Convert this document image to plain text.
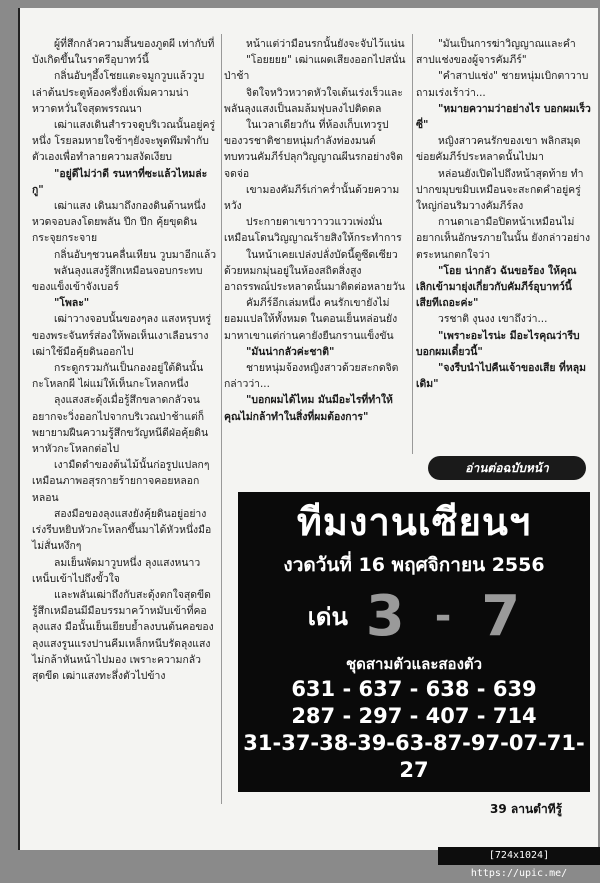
ผู้ที่สึกกลัวความสิ้นของภูตผี เท่ากับที่บังเกิดขึ้นในราตรีอุบาทว์นี้

กลิ่นอับๆอึ้งโชยแตะจมูกวูบแล้ววูบเล่าต้นประตูห้องครึ่งยิ่งเพิ่มความน่าหวาดหวั่นใจสุดพรรณนา

เฒ่าแสงเดินสำรวจดูบริเวณนั้นอยู่ครู่หนึ่ง โรยลมหายใจช้าๆยังจะพูดพึมพำกับตัวเองเพื่อทำลายความสงัดเงียบ

"อยู่ดีไม่ว่าดี รนหาที่ซะแล้วไหมล่ะกู"

เฒ่าแสง เดินมาถึงกองดินด้านหนึ่งหวดจอบลงโดยพลัน ปึก ปึก คุ้ยขุดดินกระจุยกระจาย

กลิ่นอับๆชวนคลื่นเหียน วูบมาอีกแล้ว

พลันลุงแสงรู้สึกเหมือนจอบกระทบของแข็งเข้าจังเบอร์

"โพละ"

เฒ่าวางจอบนั้นของๆลง แสงหรุบหรู่ของพระจันทร์ส่องให้พอเห็นเงาเลือนรางเฒ่าใช้มือคุ้ยดินออกไป

กระดูกรวมกันเป็นกองอยู่ใต้ดินนั้นกะโหลกผี ไผ่แม่ให้เห็นกะโหลกหนึ่ง

ลุงแสงสะดุ้งเมื่อรู้สึกขลาดกลัวจนอยากจะวิ่งออกไปจากบริเวณป่าช้าแต่ก็พยายามฝืนความรู้สึกขวัญหนีดีฝ่อคุ้ยดินหาหัวกะโหลกต่อไป

เงามืดดำของต้นไม้นั้นก่อรูปแปลกๆเหมือนภาพอสุรกายร้ายกาจคอยหลอกหลอน

สองมือของลุงแสงยังคุ้ยดินอยู่อย่างเร่งรีบหยิบหัวกะโหลกขึ้นมาได้หัวหนึ่งมือไม่สั่นหงึกๆ

ลมเย็นพัดมาวูบหนึ่ง ลุงแสงหนาวเหน็บเข้าไปถึงขั้วใจ

และพลันเฒ่าถึงกับสะดุ้งตกใจสุดขีดรู้สึกเหมือนมีมือบรรมาคว้าหมับเข้าที่คอลุงแสง มือนั้นเย็นเยียบย้ำลงบนต้นคอของลุงแสงรูนแรงปานคีมเหล็กหนีบรัดลุงแสงไม่กล้าหันหน้าไปมอง เพราะความกลัวสุดขีด เฒ่าแสงทะลึ่งตัวไปข้าง

หน้าแต่ว่ามือนรกนั้นยังจะจับไว้แน่น

"โอยยยย" เฒ่าแผดเสียงออกไปสนั่นป่าช้า

จิตใจหวิวหวาดหัวใจเต้นเร่งเร็วและพลันลุงแสงเป็นลมล้มฟุบลงไปติดดล

ในเวลาเดียวกัน ที่ห้องเก็บเทวรูปของวรชาติชายหนุ่มกำลังท่องมนต์ทบทวนคัมภีร์ปลุกวิญญาณผีนรกอย่างจิตจดจ่อ

เขามองคัมภีร์เก่าคร่ำนั้นด้วยความหวัง

ประกายตาเขาวาววแววเพ่งมั่นเหมือนโดนวิญญาณร้ายสิงให้กระทำการ

ในหน้าเคยเปล่งปลั่งบัดนี้ดูซีดเซียวด้วยหมกมุ่นอยู่ในห้องสถิตสิ่งสูงอาถรรพณ์ประหลาดนั้นมาติดต่อหลายวัน

คัมภีร์อีกเล่มหนึ่ง คนรักเขายังไม่ยอมแปลให้ทั้งหมด ในตอนเย็นหล่อนยังมาหาเขาแต่ก่านคายังยืนกรานแข็งขัน

"มันน่ากลัวค่ะชาติ"

ชายหนุ่มจ้องหญิงสาวด้วยสะกดจิตกล่าวว่า...

"บอกผมได้ไหม มันมีอะไรที่ทำให้คุณไม่กล้าทำในสิ่งที่ผมต้องการ"

"มันเป็นการฆ่าวิญญาณและคำสาปแช่งของผู้จารคัมภีร์"

"คำสาปแช่ง" ชายหนุ่มเบิกตาวาบถามเร่งเร้าว่า...

"หมายความว่าอย่างไร บอกผมเร็วซี่"

หญิงสาวคนรักของเขา พลิกสมุดข่อยคัมภีร์ประหลาดนั้นไปมา

หล่อนยังเปิดไปถึงหน้าสุดท้าย ทำปากขมุบขมิบเหมือนจะสะกดคำอยู่ครู่ใหญ่ก่อนริมวางคัมภีร์ลง

กานดาเอามือปิดหน้าเหมือนไม่อยากเห็นอักษรภายในนั้น ยังกล่าวอย่างตระหนกตกใจว่า

"โอย น่ากลัว ฉันขอร้อง ให้คุณเลิกเข้ามายุ่งเกี่ยวกับคัมภีร์อุบาทว์นี้เสียทีเถอะค่ะ"

วรชาติ งุนงง เขาถึงว่า...

"เพราะอะไรน่ะ มีอะไรคุณว่ารีบบอกผมเดี๋ยวนี้"

"จงรีบนำไปคืนเจ้าของเสีย ที่หลุมเดิม"

อ่านต่อฉบับหน้า
ทีมงานเซียนฯ
งวดวันที่ 16 พฤศจิกายน 2556
เด่น 3 - 7
ชุดสามตัวและสองตัว
631 - 637 - 638 - 639
287 - 297 - 407 - 714
31-37-38-39-63-87-97-07-71-27
39 ลานตำทีรู้
[724x1024] https://upic.me/
